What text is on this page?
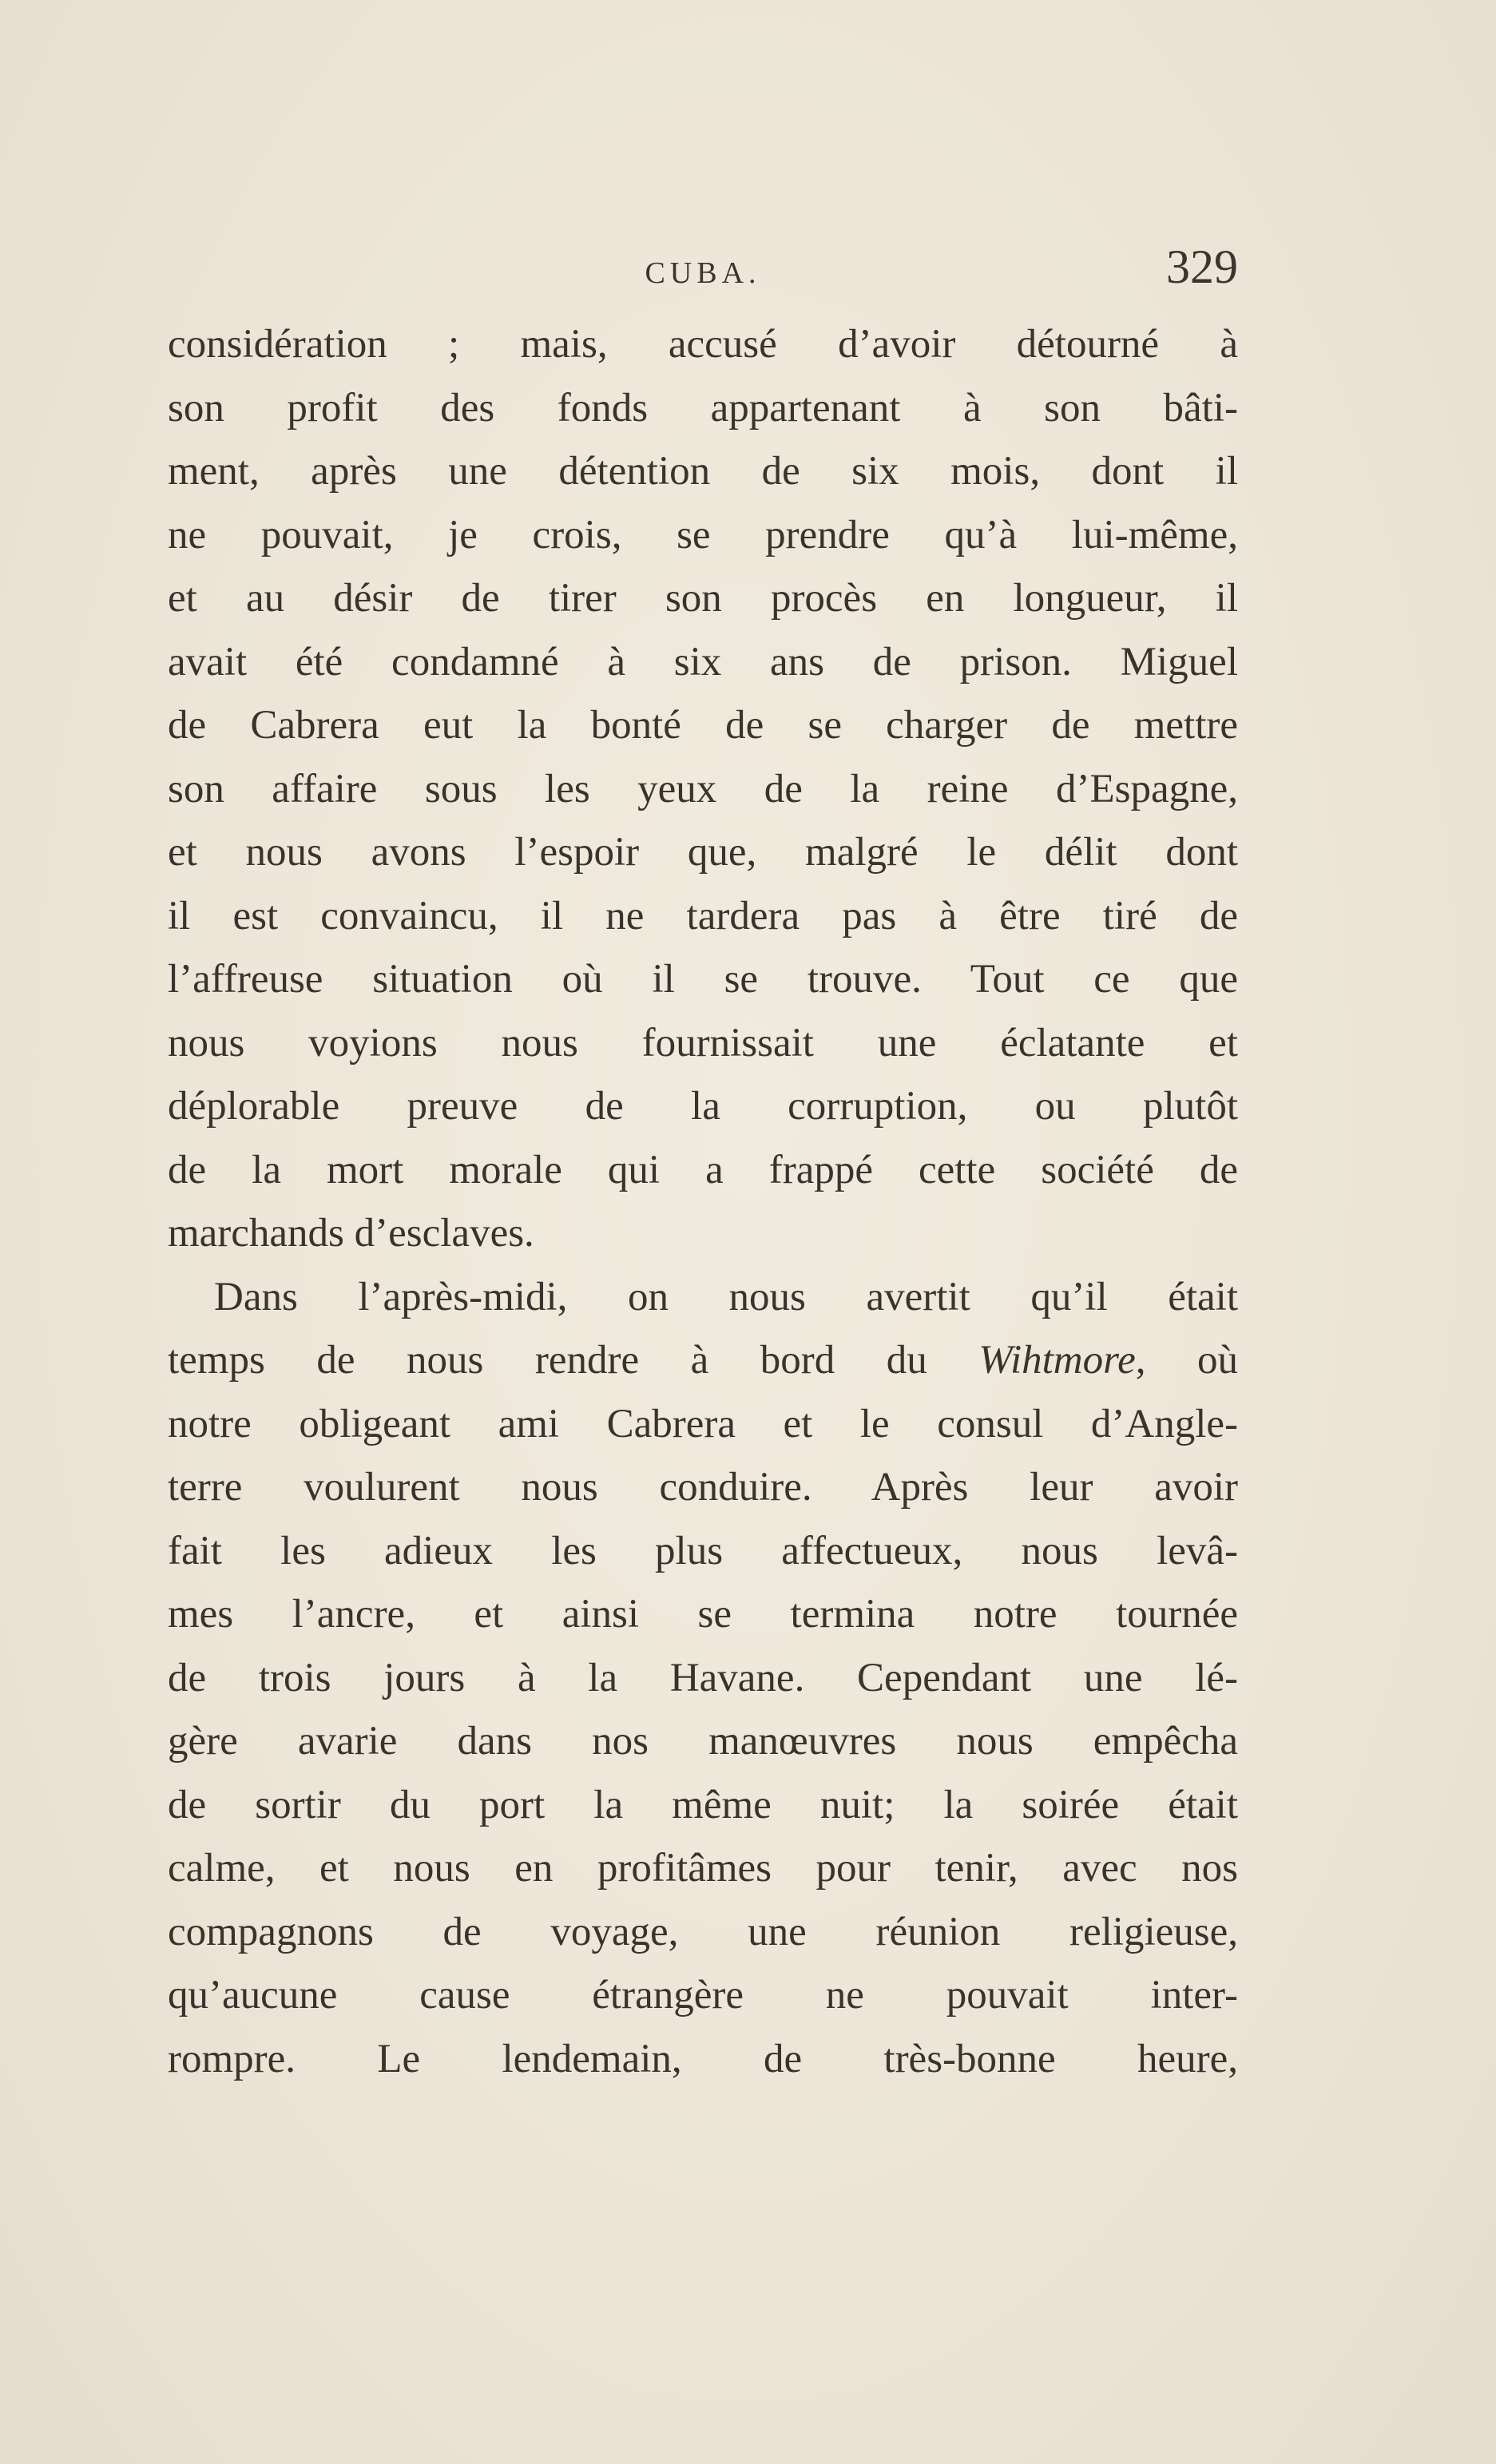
CUBA.	329
considération ; mais, accusé d’avoir détourné à
son profit des fonds appartenant à son bâti-
ment, après une détention de six mois, dont il
ne pouvait, je crois, se prendre qu’à lui-même,
et au désir de tirer son procès en longueur, il
avait été condamné à six ans de prison. Miguel
de Cabrera eut la bonté de se charger de mettre
son affaire sous les yeux de la reine d’Espagne,
et nous avons l’espoir que, malgré le délit dont
il est convaincu, il ne tardera pas à être tiré de
l’affreuse situation où il se trouve. Tout ce que
nous voyions nous fournissait une éclatante et
déplorable preuve de la corruption, ou plutôt
de la mort morale qui a frappé cette société de
marchands d’esclaves.
Dans l’après-midi, on nous avertit qu’il était
temps de nous rendre à bord du Wihtmore, où
notre obligeant ami Cabrera et le consul d’Angle-
terre voulurent nous conduire. Après leur avoir
fait les adieux les plus affectueux, nous levâ-
mes l’ancre, et ainsi se termina notre tournée
de trois jours à la Havane. Cependant une lé-
gère avarie dans nos manœuvres nous empêcha
de sortir du port la même nuit; la soirée était
calme, et nous en profitâmes pour tenir, avec nos
compagnons de voyage, une réunion religieuse,
qu’aucune cause étrangère ne pouvait inter-
rompre. Le lendemain, de très-bonne heure,
